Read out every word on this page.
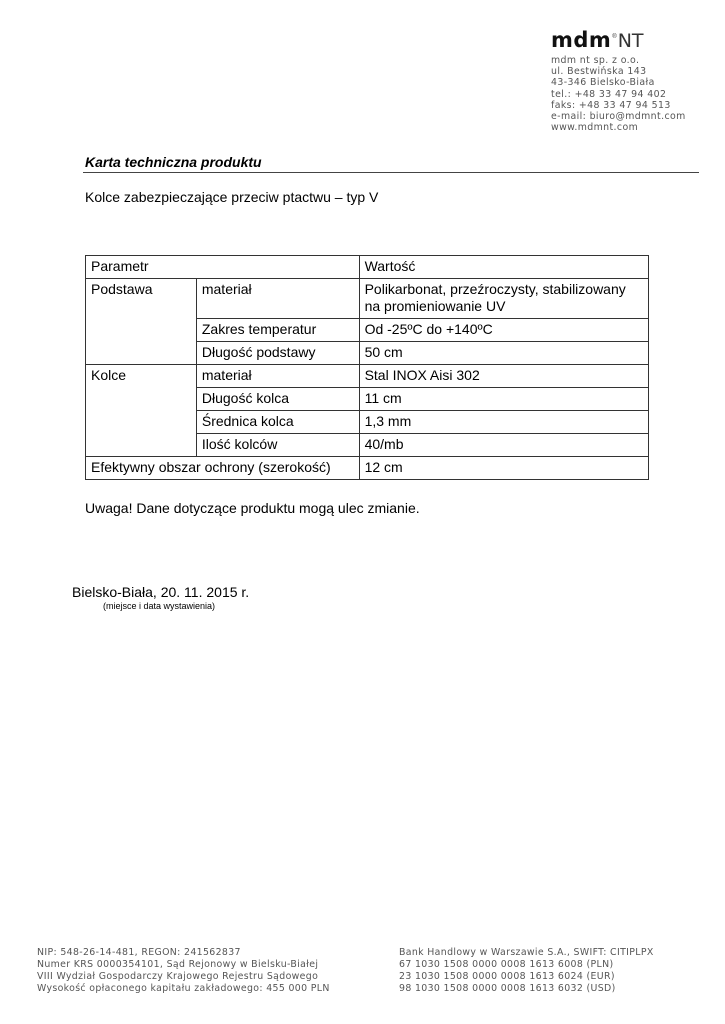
mdm ® NT
mdm nt sp. z o.o.
ul. Bestwińska 143
43-346 Bielsko-Biała
tel.: +48 33 47 94 402
faks: +48 33 47 94 513
e-mail: biuro@mdmnt.com
www.mdmnt.com
Karta techniczna produktu
Kolce zabezpieczające przeciw ptactwu – typ V
Parametr		Wartość
Podstawa	materiał	Polikarbonat, przeźroczysty, stabilizowany na promieniowanie UV
	Zakres temperatur	Od -25ºC do +140ºC
	Długość podstawy	50 cm
Kolce	materiał	Stal INOX Aisi 302
	Długość kolca	11 cm
	Średnica kolca	1,3 mm
	Ilość kolców	40/mb
Efektywny obszar ochrony (szerokość)		12 cm
Uwaga! Dane dotyczące produktu mogą ulec zmianie.
Bielsko-Biała, 20. 11. 2015 r.
(miejsce i data wystawienia)
NIP: 548-26-14-481, REGON: 241562837
Numer KRS 0000354101, Sąd Rejonowy w Bielsku-Białej
VIII Wydział Gospodarczy Krajowego Rejestru Sądowego
Wysokość opłaconego kapitału zakładowego: 455 000 PLN
Bank Handlowy w Warszawie S.A., SWIFT: CITIPLPX
67 1030 1508 0000 0008 1613 6008 (PLN)
23 1030 1508 0000 0008 1613 6024 (EUR)
98 1030 1508 0000 0008 1613 6032 (USD)
